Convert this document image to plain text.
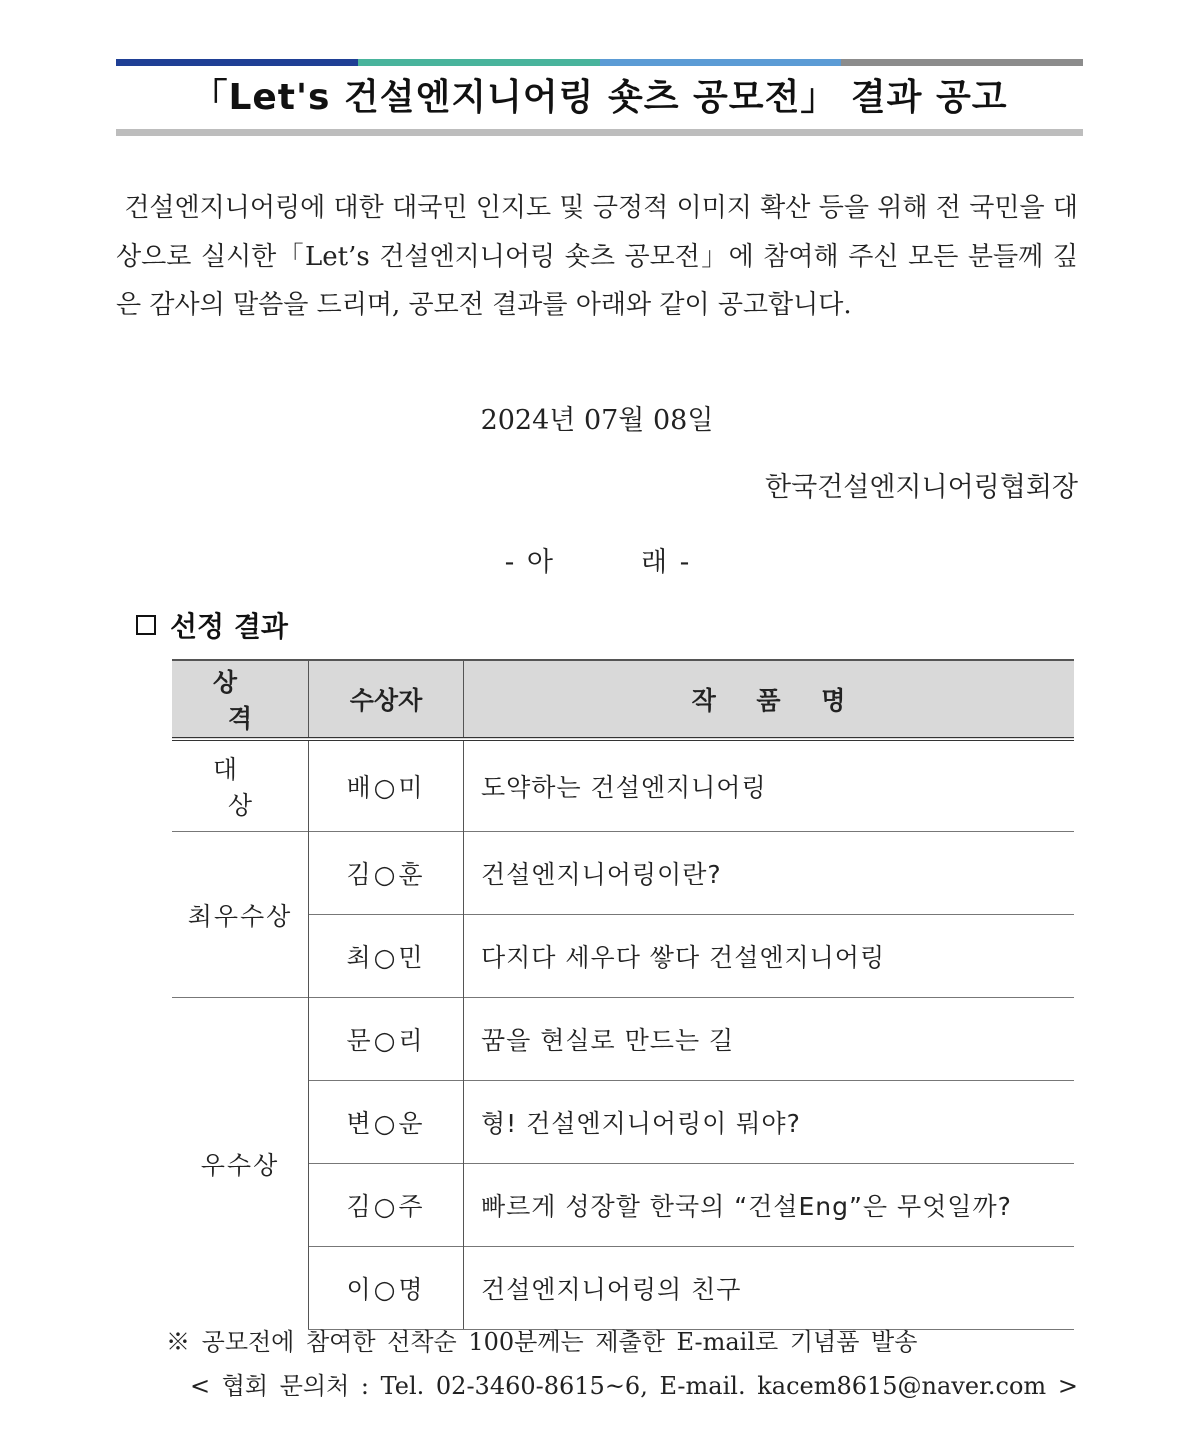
「Let's 건설엔지니어링 숏츠 공모전」 결과 공고
건설엔지니어링에 대한 대국민 인지도 및 긍정적 이미지 확산 등을 위해 전 국민을 대상으로 실시한「Let’s 건설엔지니어링 숏츠 공모전」에 참여해 주신 모든 분들께 깊은 감사의 말씀을 드리며, 공모전 결과를 아래와 같이 공고합니다.
2024년 07월 08일
한국건설엔지니어링협회장
- 아	래 -
선정 결과
상 격	수상자	작 품 명
대 상	배○미	도약하는 건설엔지니어링
최우수상	김○훈	건설엔지니어링이란?
	최○민	다지다 세우다 쌓다 건설엔지니어링
우수상	문○리	꿈을 현실로 만드는 길
	변○운	형! 건설엔지니어링이 뭐야?
	김○주	빠르게 성장할 한국의 “건설Eng”은 무엇일까?
	이○명	건설엔지니어링의 친구
※ 공모전에 참여한 선착순 100분께는 제출한 E-mail로 기념품 발송
< 협회 문의처 : Tel. 02-3460-8615~6, E-mail. kacem8615@naver.com >
